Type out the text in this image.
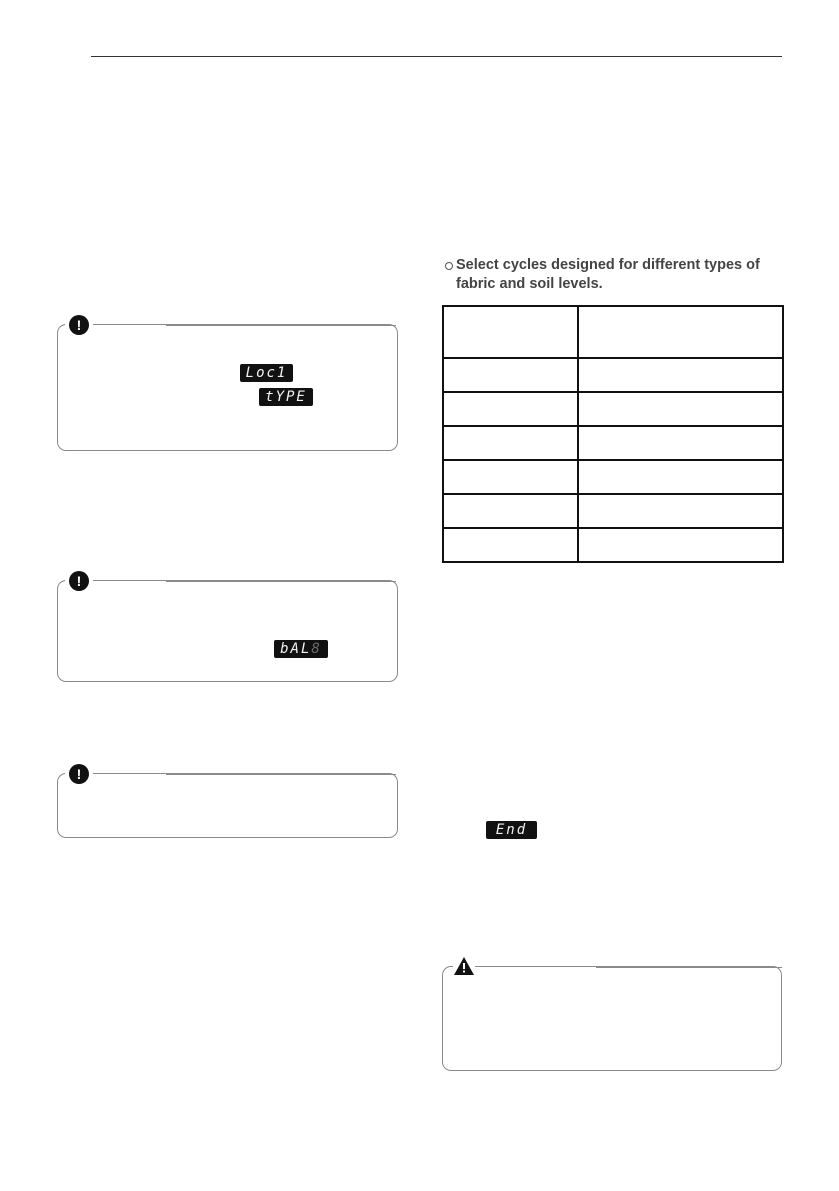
!
Loc1
tYPE
!
bAL8
!
Select cycles designed for different types of fabric and soil levels.

End
